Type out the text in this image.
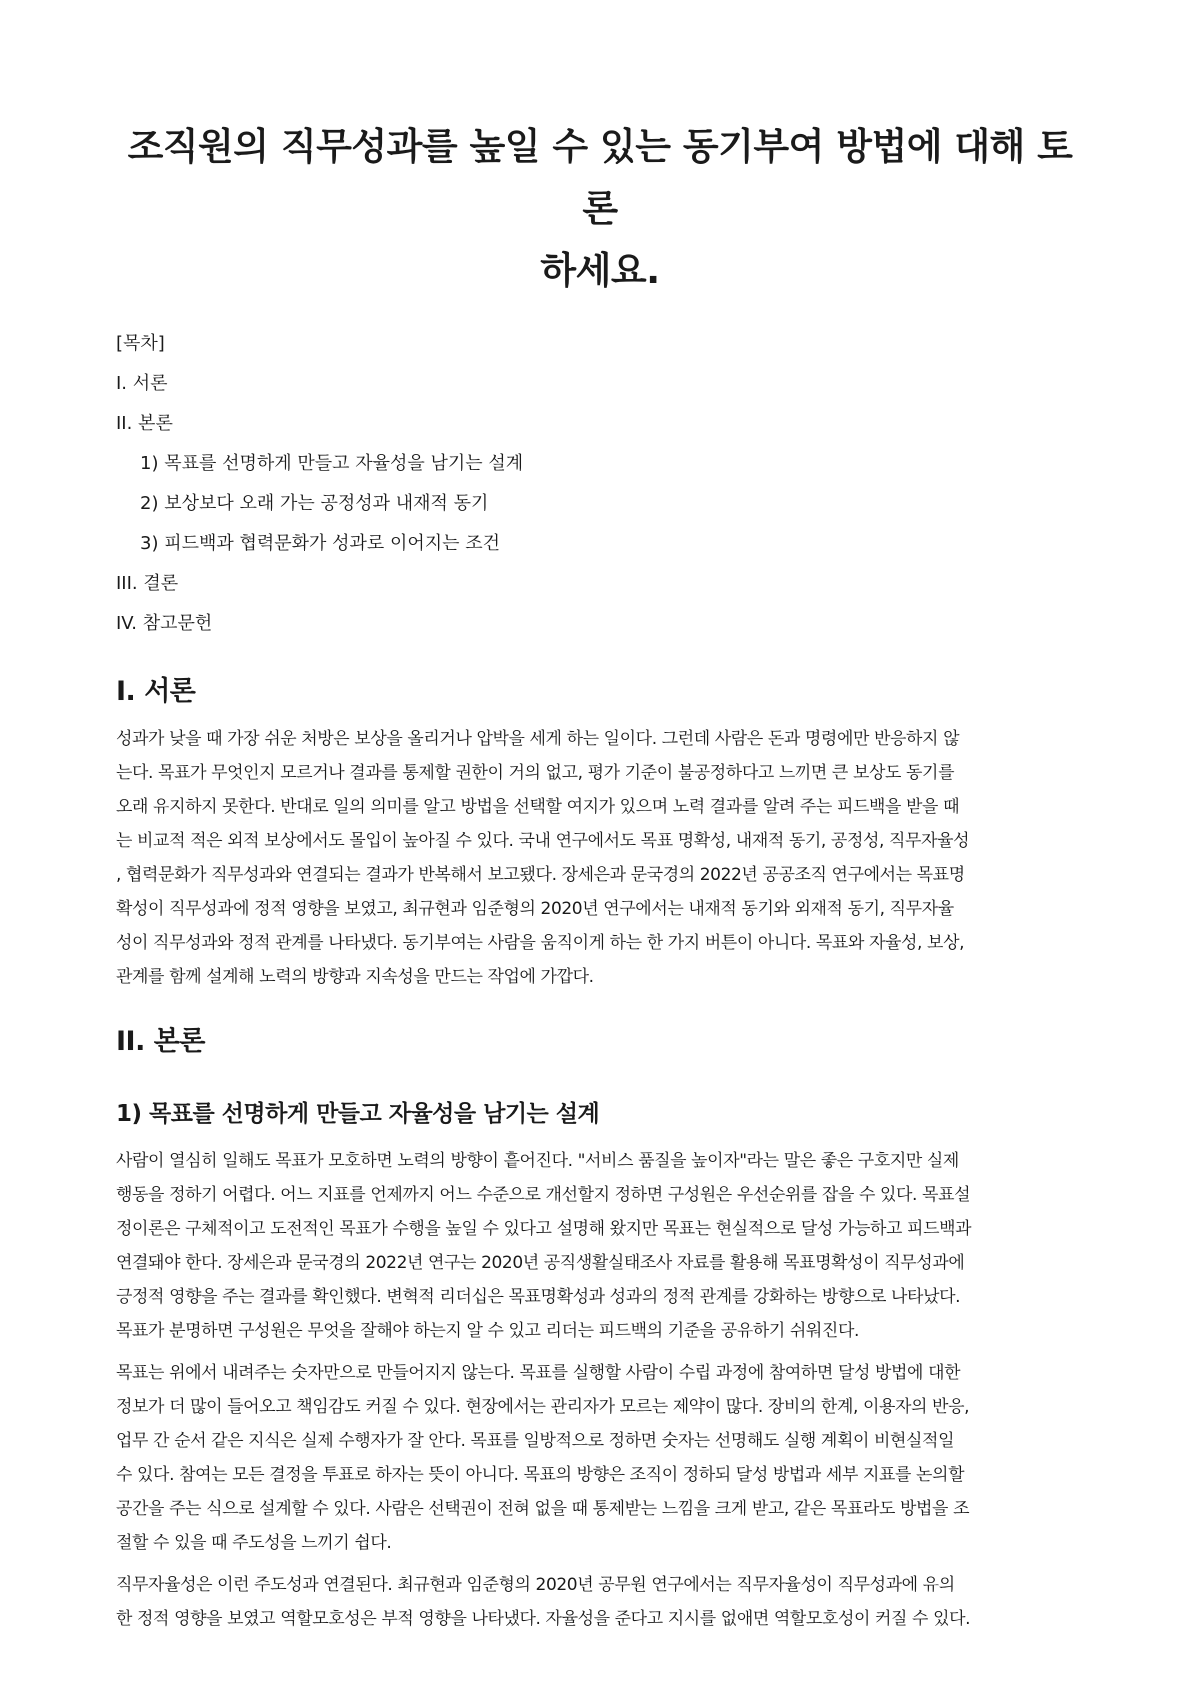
조직원의 직무성과를 높일 수 있는 동기부여 방법에 대해 토론
하세요.
[목차]
I. 서론
II. 본론
1) 목표를 선명하게 만들고 자율성을 남기는 설계
2) 보상보다 오래 가는 공정성과 내재적 동기
3) 피드백과 협력문화가 성과로 이어지는 조건
III. 결론
IV. 참고문헌
I. 서론
성과가 낮을 때 가장 쉬운 처방은 보상을 올리거나 압박을 세게 하는 일이다. 그런데 사람은 돈과 명령에만 반응하지 않
는다. 목표가 무엇인지 모르거나 결과를 통제할 권한이 거의 없고, 평가 기준이 불공정하다고 느끼면 큰 보상도 동기를
오래 유지하지 못한다. 반대로 일의 의미를 알고 방법을 선택할 여지가 있으며 노력 결과를 알려 주는 피드백을 받을 때
는 비교적 적은 외적 보상에서도 몰입이 높아질 수 있다. 국내 연구에서도 목표 명확성, 내재적 동기, 공정성, 직무자율성
, 협력문화가 직무성과와 연결되는 결과가 반복해서 보고됐다. 장세은과 문국경의 2022년 공공조직 연구에서는 목표명
확성이 직무성과에 정적 영향을 보였고, 최규현과 임준형의 2020년 연구에서는 내재적 동기와 외재적 동기, 직무자율
성이 직무성과와 정적 관계를 나타냈다. 동기부여는 사람을 움직이게 하는 한 가지 버튼이 아니다. 목표와 자율성, 보상,
관계를 함께 설계해 노력의 방향과 지속성을 만드는 작업에 가깝다.
II. 본론
1) 목표를 선명하게 만들고 자율성을 남기는 설계
사람이 열심히 일해도 목표가 모호하면 노력의 방향이 흩어진다. "서비스 품질을 높이자"라는 말은 좋은 구호지만 실제
행동을 정하기 어렵다. 어느 지표를 언제까지 어느 수준으로 개선할지 정하면 구성원은 우선순위를 잡을 수 있다. 목표설
정이론은 구체적이고 도전적인 목표가 수행을 높일 수 있다고 설명해 왔지만 목표는 현실적으로 달성 가능하고 피드백과
연결돼야 한다. 장세은과 문국경의 2022년 연구는 2020년 공직생활실태조사 자료를 활용해 목표명확성이 직무성과에
긍정적 영향을 주는 결과를 확인했다. 변혁적 리더십은 목표명확성과 성과의 정적 관계를 강화하는 방향으로 나타났다.
목표가 분명하면 구성원은 무엇을 잘해야 하는지 알 수 있고 리더는 피드백의 기준을 공유하기 쉬워진다.
목표는 위에서 내려주는 숫자만으로 만들어지지 않는다. 목표를 실행할 사람이 수립 과정에 참여하면 달성 방법에 대한
정보가 더 많이 들어오고 책임감도 커질 수 있다. 현장에서는 관리자가 모르는 제약이 많다. 장비의 한계, 이용자의 반응,
업무 간 순서 같은 지식은 실제 수행자가 잘 안다. 목표를 일방적으로 정하면 숫자는 선명해도 실행 계획이 비현실적일
수 있다. 참여는 모든 결정을 투표로 하자는 뜻이 아니다. 목표의 방향은 조직이 정하되 달성 방법과 세부 지표를 논의할
공간을 주는 식으로 설계할 수 있다. 사람은 선택권이 전혀 없을 때 통제받는 느낌을 크게 받고, 같은 목표라도 방법을 조
절할 수 있을 때 주도성을 느끼기 쉽다.
직무자율성은 이런 주도성과 연결된다. 최규현과 임준형의 2020년 공무원 연구에서는 직무자율성이 직무성과에 유의
한 정적 영향을 보였고 역할모호성은 부적 영향을 나타냈다. 자율성을 준다고 지시를 없애면 역할모호성이 커질 수 있다.
